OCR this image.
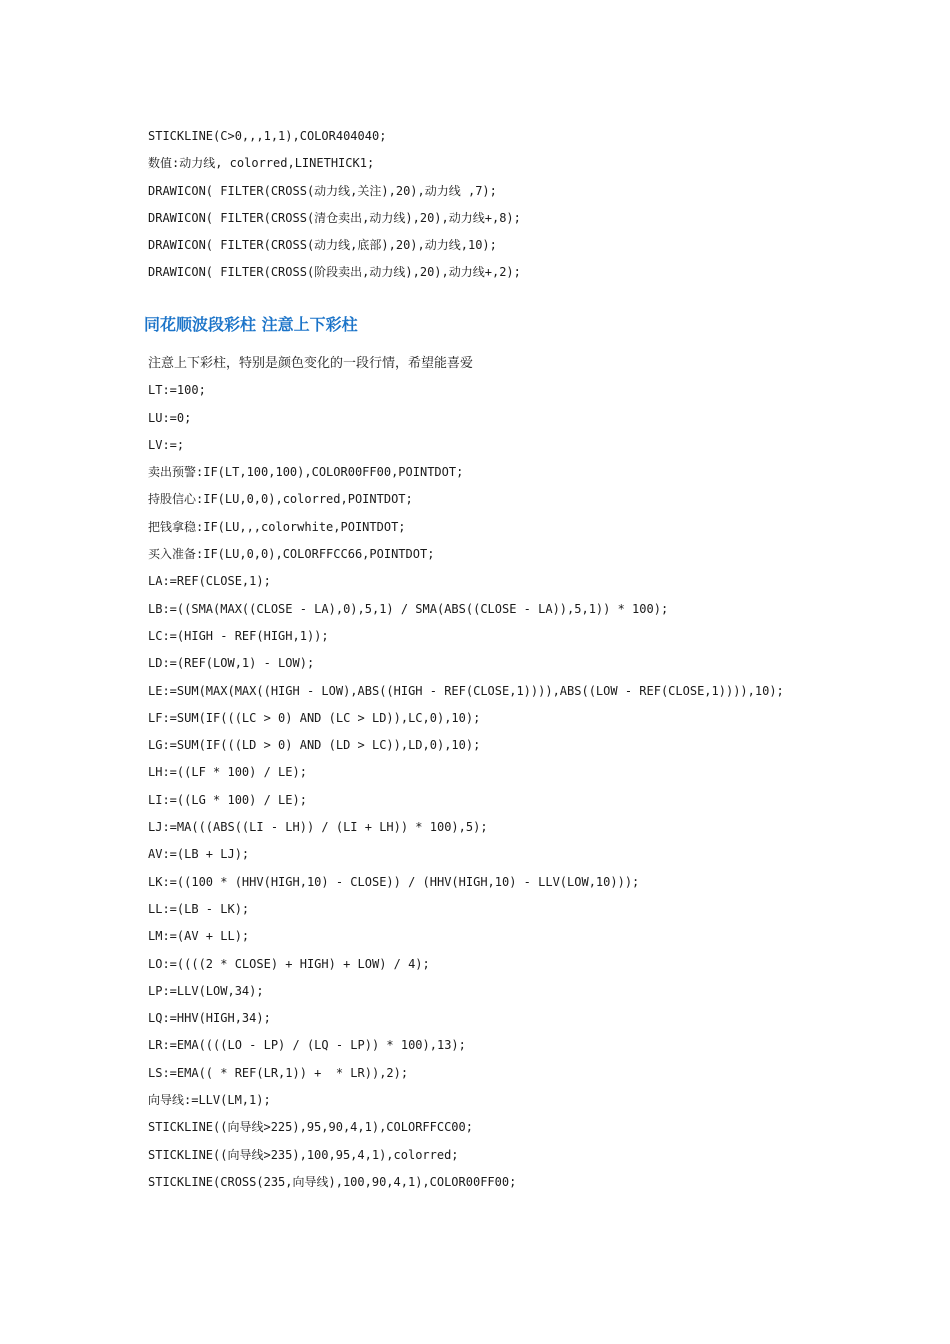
STICKLINE(C>0,,,1,1),COLOR404040;
数值:动力线, colorred,LINETHICK1;
DRAWICON( FILTER(CROSS(动力线,关注),20),动力线 ,7);
DRAWICON( FILTER(CROSS(清仓卖出,动力线),20),动力线+,8);
DRAWICON( FILTER(CROSS(动力线,底部),20),动力线,10);
DRAWICON( FILTER(CROSS(阶段卖出,动力线),20),动力线+,2);
同花顺波段彩柱 注意上下彩柱
注意上下彩柱，特别是颜色变化的一段行情，希望能喜爱
LT:=100;
LU:=0;
LV:=;
卖出预警:IF(LT,100,100),COLOR00FF00,POINTDOT;
持股信心:IF(LU,0,0),colorred,POINTDOT;
把钱拿稳:IF(LU,,,colorwhite,POINTDOT;
买入准备:IF(LU,0,0),COLORFFCC66,POINTDOT;
LA:=REF(CLOSE,1);
LB:=((SMA(MAX((CLOSE - LA),0),5,1) / SMA(ABS((CLOSE - LA)),5,1)) * 100);
LC:=(HIGH - REF(HIGH,1));
LD:=(REF(LOW,1) - LOW);
LE:=SUM(MAX(MAX((HIGH - LOW),ABS((HIGH - REF(CLOSE,1)))),ABS((LOW - REF(CLOSE,1)))),10);
LF:=SUM(IF(((LC > 0) AND (LC > LD)),LC,0),10);
LG:=SUM(IF(((LD > 0) AND (LD > LC)),LD,0),10);
LH:=((LF * 100) / LE);
LI:=((LG * 100) / LE);
LJ:=MA(((ABS((LI - LH)) / (LI + LH)) * 100),5);
AV:=(LB + LJ);
LK:=((100 * (HHV(HIGH,10) - CLOSE)) / (HHV(HIGH,10) - LLV(LOW,10)));
LL:=(LB - LK);
LM:=(AV + LL);
LO:=((((2 * CLOSE) + HIGH) + LOW) / 4);
LP:=LLV(LOW,34);
LQ:=HHV(HIGH,34);
LR:=EMA((((LO - LP) / (LQ - LP)) * 100),13);
LS:=EMA(( * REF(LR,1)) +  * LR)),2);
向导线:=LLV(LM,1);
STICKLINE((向导线>225),95,90,4,1),COLORFFCC00;
STICKLINE((向导线>235),100,95,4,1),colorred;
STICKLINE(CROSS(235,向导线),100,90,4,1),COLOR00FF00;
